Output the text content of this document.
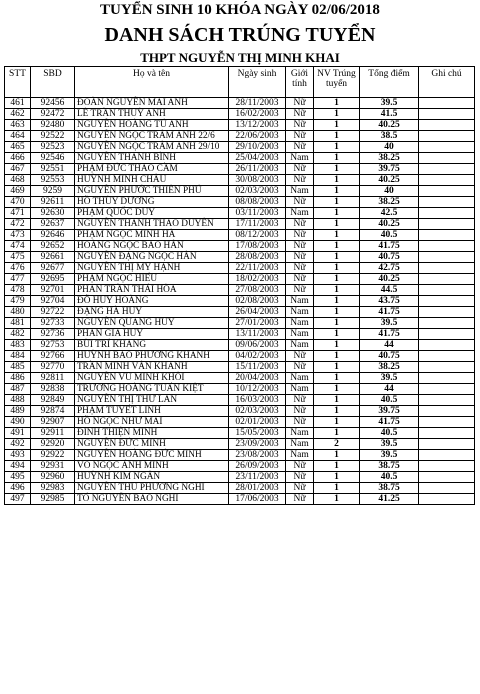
TUYỂN SINH 10 KHÓA NGÀY 02/06/2018
DANH SÁCH TRÚNG TUYỂN
THPT NGUYỄN THỊ MINH KHAI
STT	SBD	Họ và tên	Ngày sinh	Giới tính	NV Trúng tuyển	Tổng điểm	Ghi chú
461	92456	ĐOÀN NGUYỄN MAI ANH	28/11/2003	Nữ	1	39.5	
462	92472	LÊ TRẦN THUỲ ANH	16/02/2003	Nữ	1	41.5	
463	92480	NGUYỄN HOÀNG TÚ ANH	13/12/2003	Nữ	1	40.25	
464	92522	NGUYỄN NGỌC TRÂM ANH 22/6	22/06/2003	Nữ	1	38.5	
465	92523	NGUYỄN NGỌC TRÂM ANH 29/10	29/10/2003	Nữ	1	40	
466	92546	NGUYỄN THANH BÌNH	25/04/2003	Nam	1	38.25	
467	92551	PHẠM ĐỨC THẢO CẦM	26/11/2003	Nữ	1	39.75	
468	92553	HUỲNH MINH CHÂU	30/08/2003	Nữ	1	40.25	
469	9259	NGUYỄN PHƯỚC THIÊN PHÚ	02/03/2003	Nam	1	40	
470	92611	HỒ THÙY DƯƠNG	08/08/2003	Nữ	1	38.25	
471	92630	PHẠM QUỐC DUY	03/11/2003	Nam	1	42.5	
472	92637	NGUYỄN THANH THẢO DUYÊN	17/11/2003	Nữ	1	40.25	
473	92646	PHẠM NGỌC MINH HÀ	08/12/2003	Nữ	1	40.5	
474	92652	HOÀNG NGỌC BẢO HÂN	17/08/2003	Nữ	1	41.75	
475	92661	NGUYỄN ĐẶNG NGỌC HÂN	28/08/2003	Nữ	1	40.75	
476	92677	NGUYỄN THỊ MỸ HẠNH	22/11/2003	Nữ	1	42.75	
477	92695	PHẠM NGỌC HIẾU	18/02/2003	Nữ	1	40.25	
478	92701	PHAN TRẦN THÁI HÒA	27/08/2003	Nữ	1	44.5	
479	92704	ĐỖ HUY HOÀNG	02/08/2003	Nam	1	43.75	
480	92722	ĐẶNG HÀ HUY	26/04/2003	Nam	1	41.75	
481	92733	NGUYỄN QUANG HUY	27/01/2003	Nam	1	39.5	
482	92736	PHAN GIA HUY	13/11/2003	Nam	1	41.75	
483	92753	BÙI TRÍ KHANG	09/06/2003	Nam	1	44	
484	92766	HUỲNH BẢO PHƯƠNG KHANH	04/02/2003	Nữ	1	40.75	
485	92770	TRẦN MINH VÂN KHANH	15/11/2003	Nữ	1	38.25	
486	92811	NGUYỄN VŨ MINH KHÔI	20/04/2003	Nam	1	39.5	
487	92838	TRƯƠNG HOÀNG TUẤN KIỆT	10/12/2003	Nam	1	44	
488	92849	NGUYỄN THỊ THƯ LAN	16/03/2003	Nữ	1	40.5	
489	92874	PHẠM TUYẾT LINH	02/03/2003	Nữ	1	39.75	
490	92907	HỒ NGỌC NHƯ MAI	02/01/2003	Nữ	1	41.75	
491	92911	ĐINH THIỆN MINH	15/05/2003	Nam	1	40.5	
492	92920	NGUYỄN ĐỨC MINH	23/09/2003	Nam	2	39.5	
493	92922	NGUYỄN HOÀNG ĐỨC MINH	23/08/2003	Nam	1	39.5	
494	92931	VÕ NGỌC ÁNH MINH	26/09/2003	Nữ	1	38.75	
495	92960	HUỲNH KIM NGÂN	23/11/2003	Nữ	1	40.5	
496	92983	NGUYỄN THU PHƯƠNG NGHI	28/01/2003	Nữ	1	38.75	
497	92985	TỔ NGUYỄN BẢO NGHI	17/06/2003	Nữ	1	41.25	
